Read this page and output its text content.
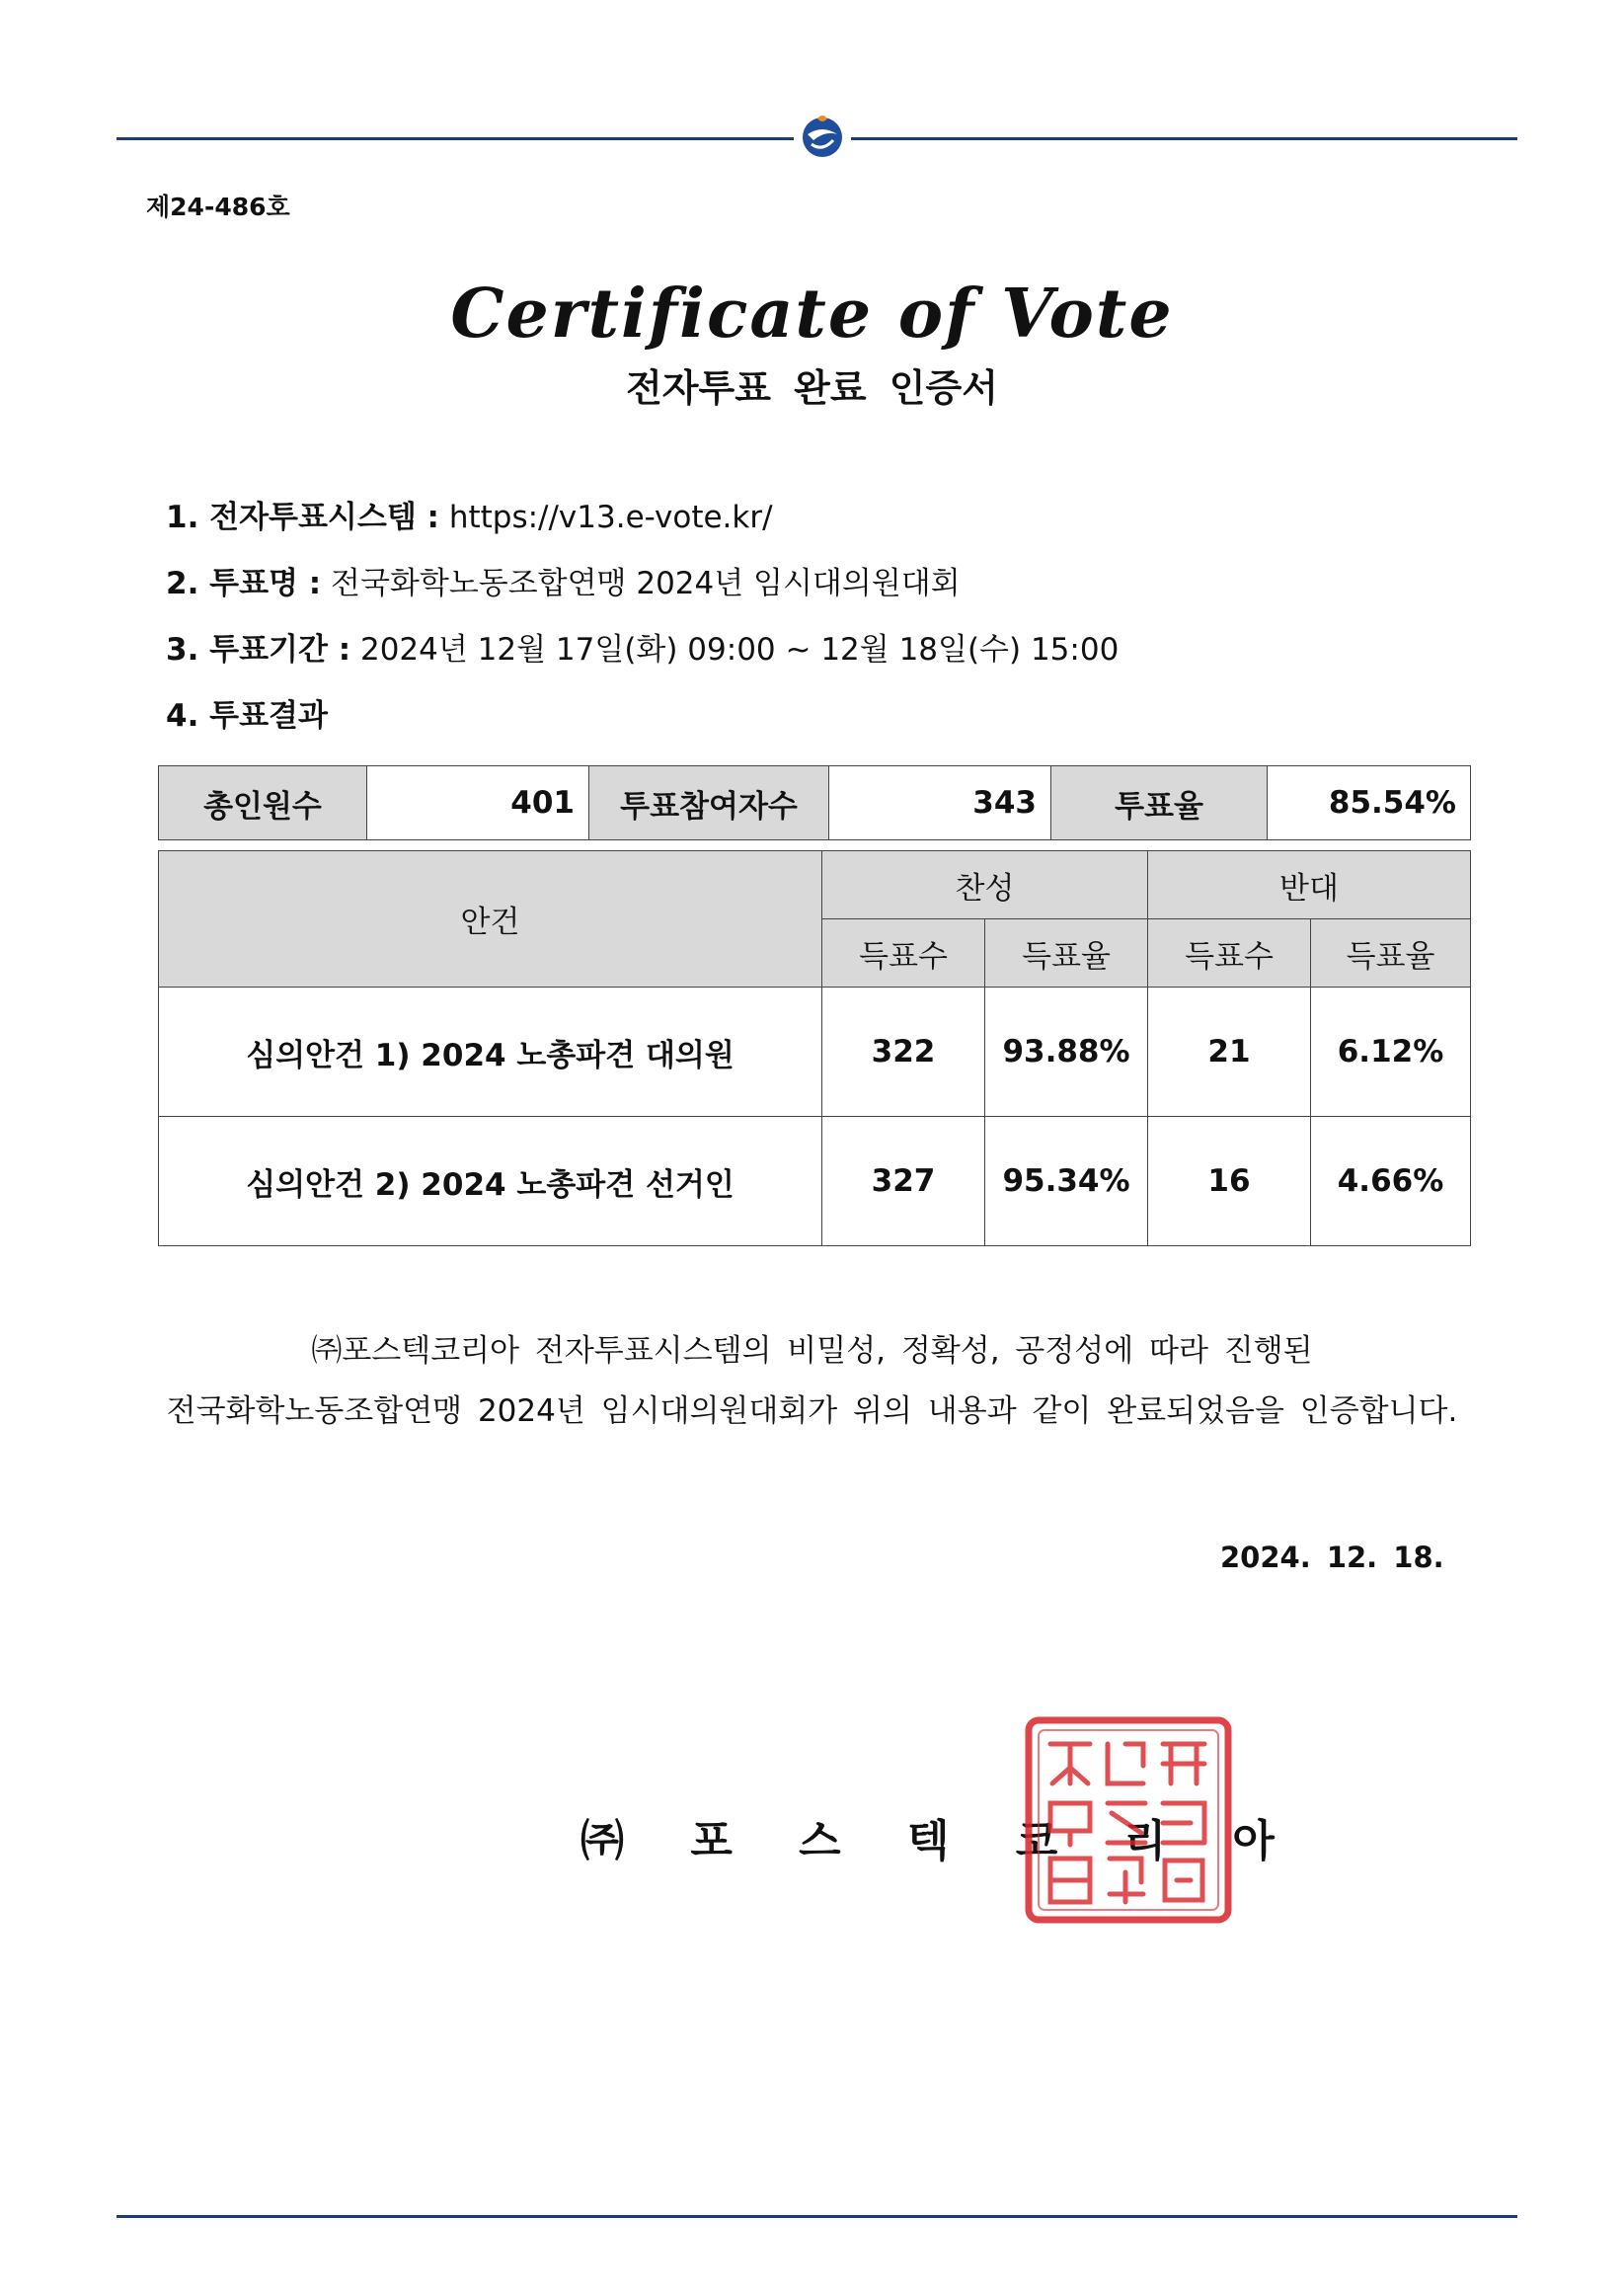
제24-486호
Certificate of Vote
전자투표 완료 인증서
1. 전자투표시스템 : https://v13.e-vote.kr/
2. 투표명 : 전국화학노동조합연맹 2024년 임시대의원대회
3. 투표기간 : 2024년 12월 17일(화) 09:00 ~ 12월 18일(수) 15:00
4. 투표결과
총인원수	401	투표참여자수	343	투표율	85.54%
안건	찬성		반대	
	득표수	득표율	득표수	득표율
심의안건 1) 2024 노총파견 대의원	322	93.88%	21	6.12%
심의안건 2) 2024 노총파견 선거인	327	95.34%	16	4.66%
㈜포스텍코리아 전자투표시스템의 비밀성, 정확성, 공정성에 따라 진행된
전국화학노동조합연맹 2024년 임시대의원대회가 위의 내용과 같이 완료되었음을 인증합니다.
2024. 12. 18.
㈜ 포 스 텍 코 리 아
